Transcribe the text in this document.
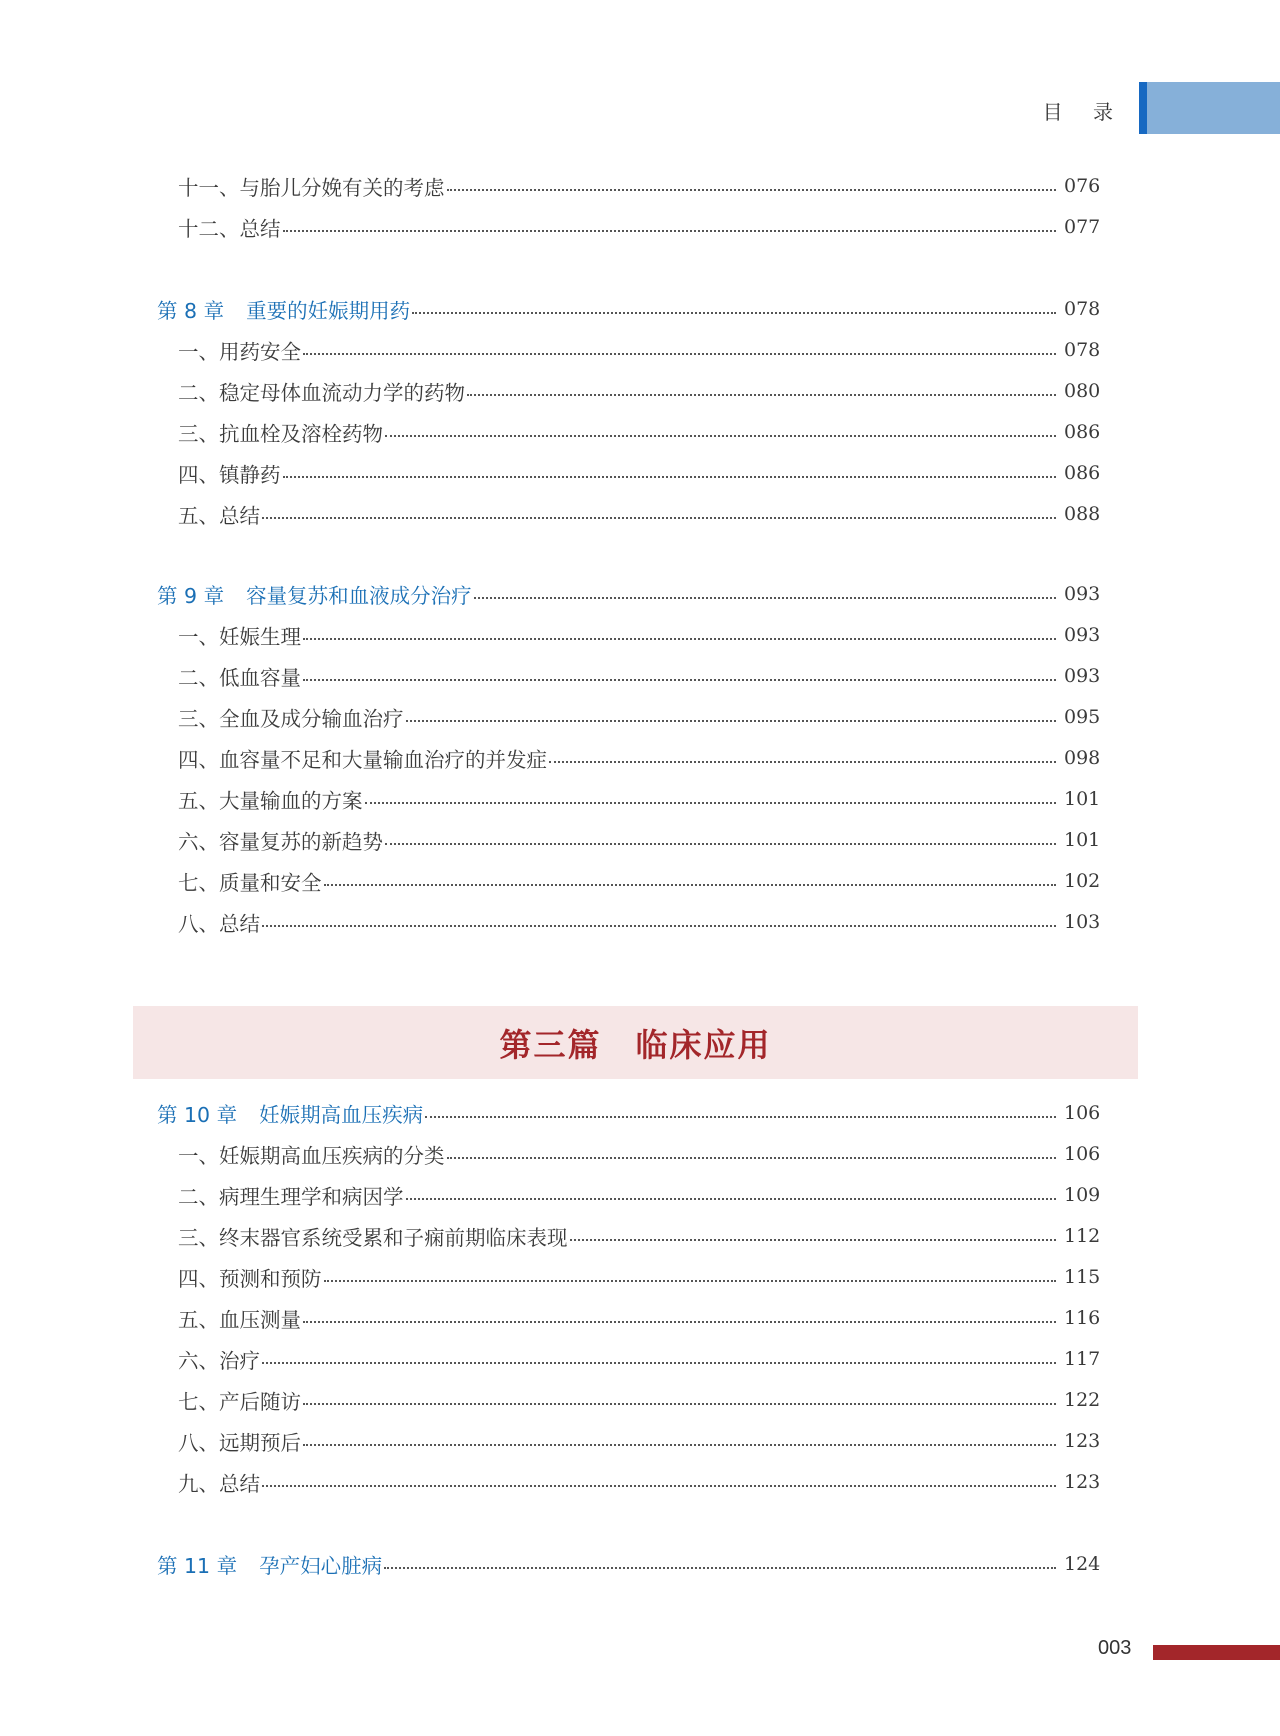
目 录
十一、与胎儿分娩有关的考虑	076
十二、总结	077
第 8 章 重要的妊娠期用药	078
一、用药安全	078
二、稳定母体血流动力学的药物	080
三、抗血栓及溶栓药物	086
四、镇静药	086
五、总结	088
第 9 章 容量复苏和血液成分治疗	093
一、妊娠生理	093
二、低血容量	093
三、全血及成分输血治疗	095
四、血容量不足和大量输血治疗的并发症	098
五、大量输血的方案	101
六、容量复苏的新趋势	101
七、质量和安全	102
八、总结	103
第 10 章 妊娠期高血压疾病	106
一、妊娠期高血压疾病的分类	106
二、病理生理学和病因学	109
三、终末器官系统受累和子痫前期临床表现	112
四、预测和预防	115
五、血压测量	116
六、治疗	117
七、产后随访	122
八、远期预后	123
九、总结	123
第 11 章 孕产妇心脏病	124
第三篇　临床应用
003
